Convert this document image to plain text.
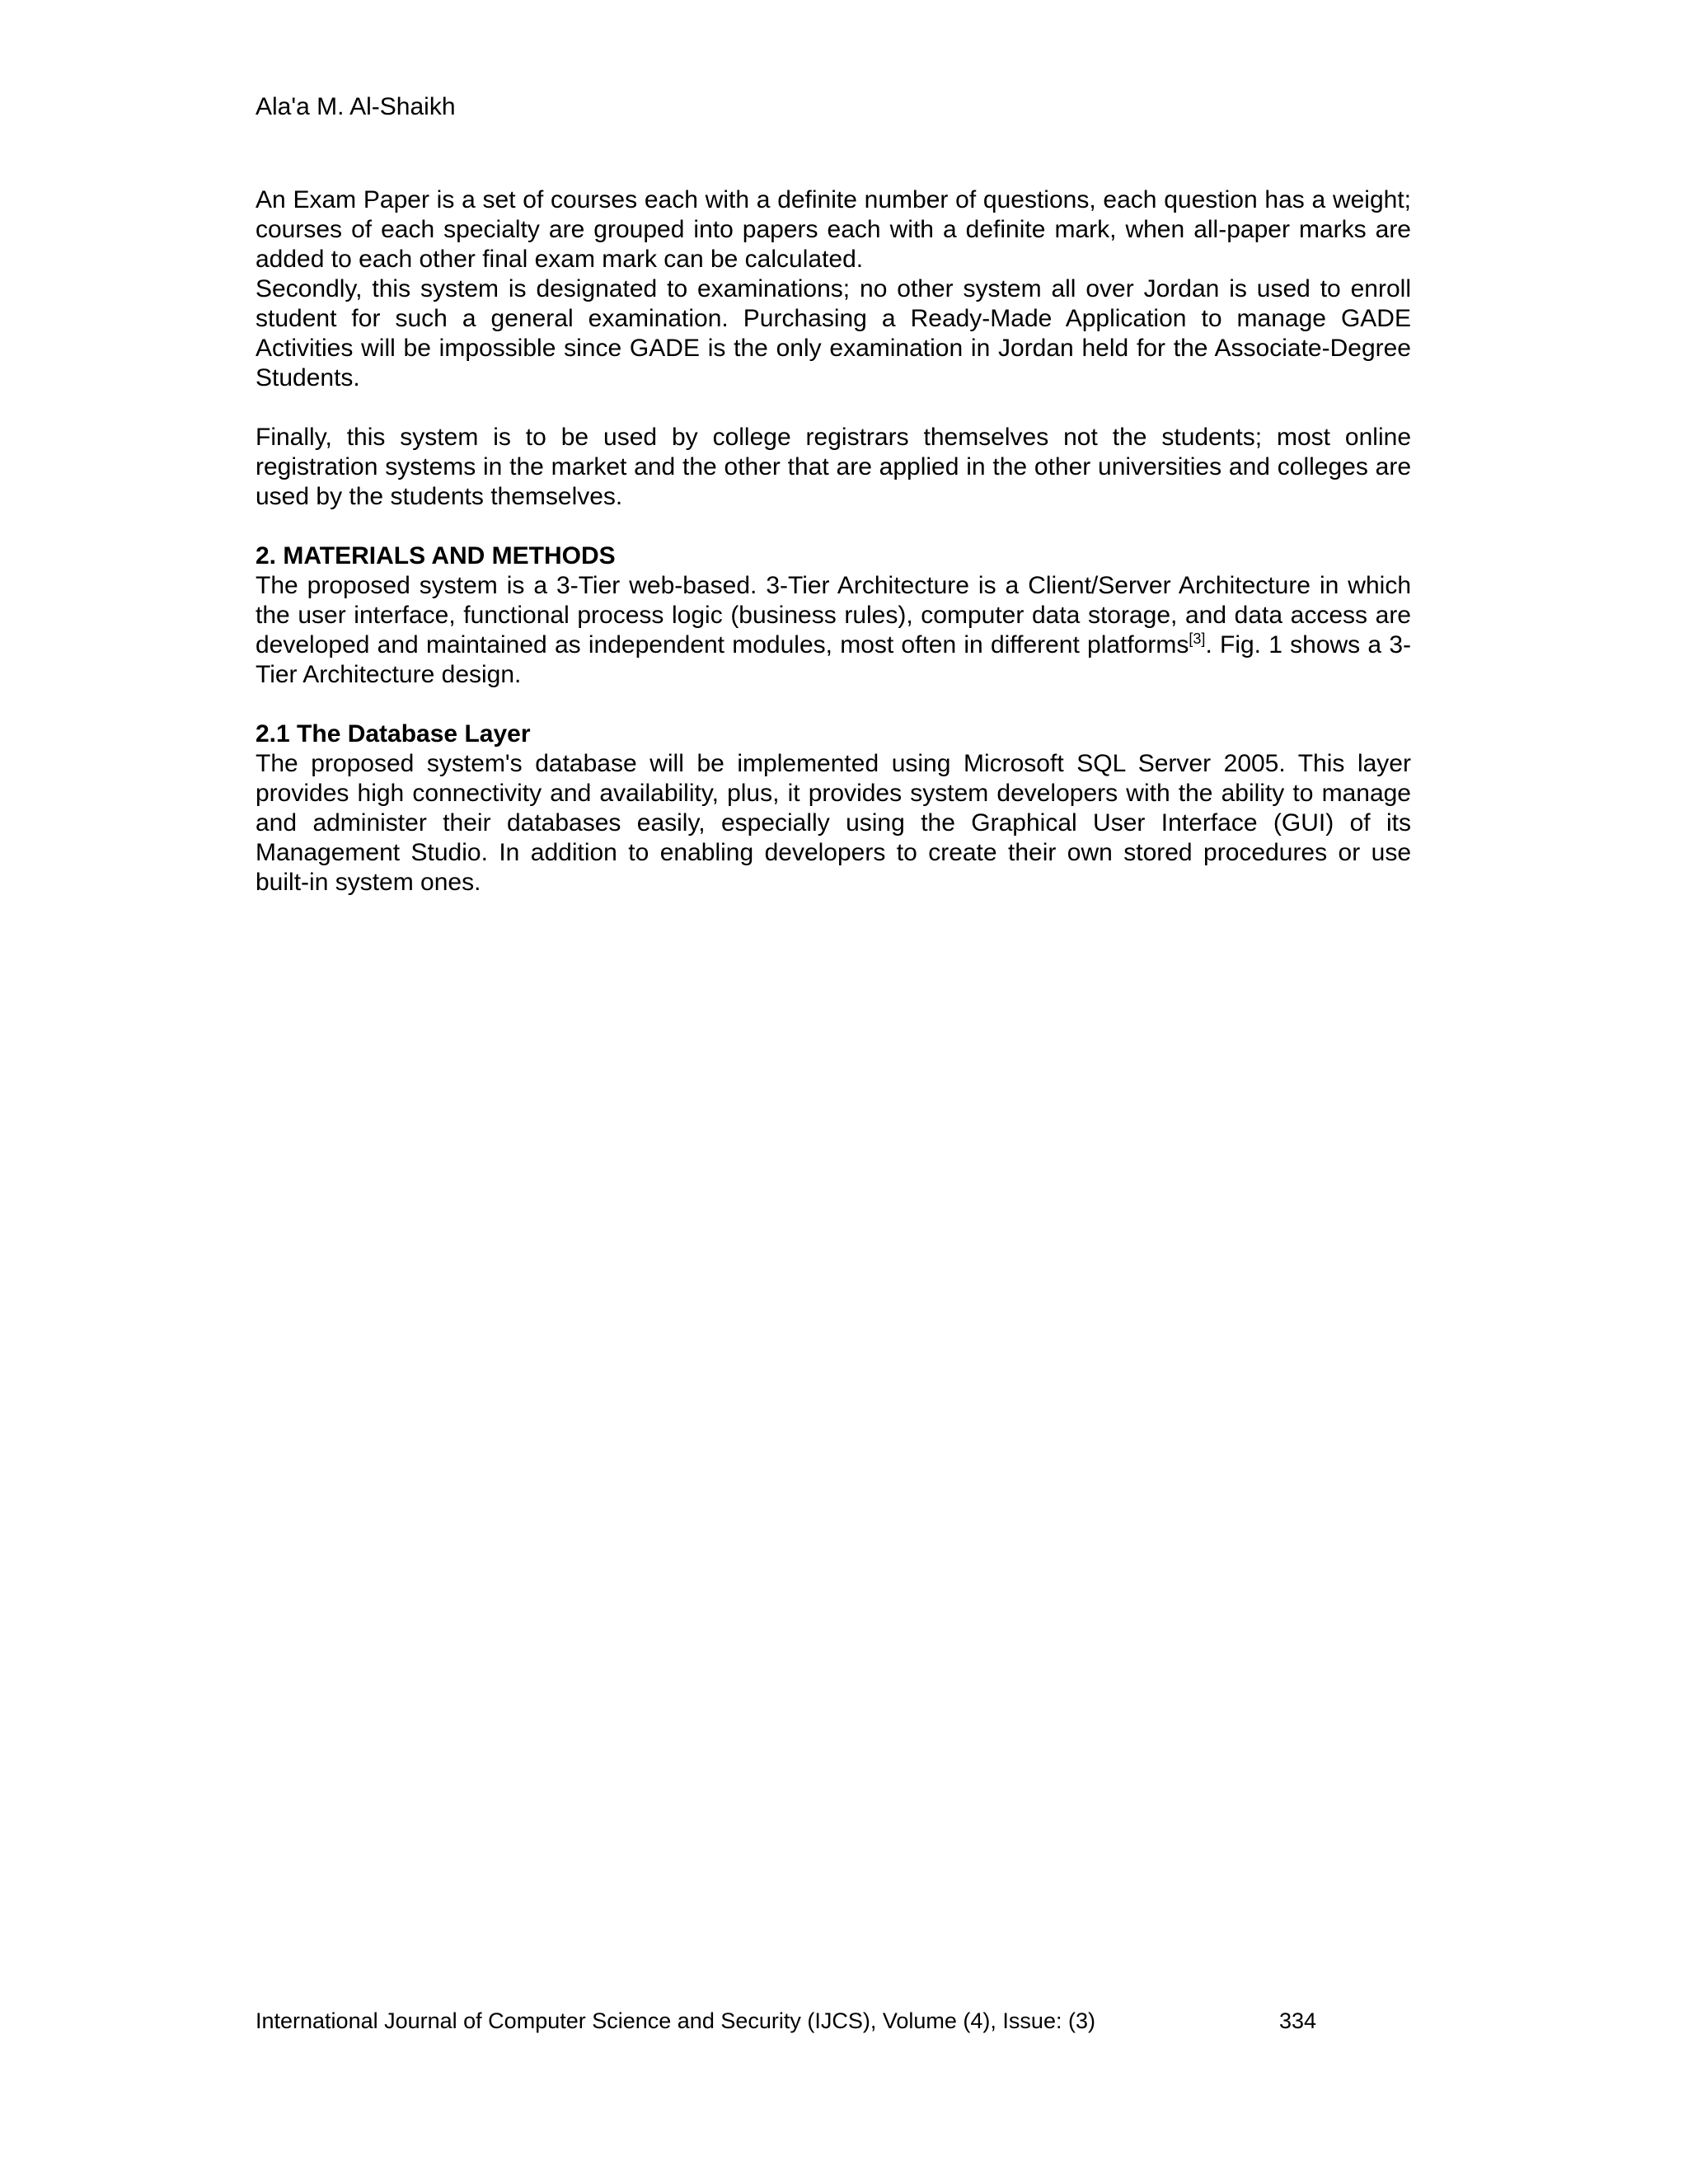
Ala'a M. Al-Shaikh

An Exam Paper is a set of courses each with a definite number of questions, each question has a weight; courses of each specialty are grouped into papers each with a definite mark, when all-paper marks are added to each other final exam mark can be calculated.

Secondly, this system is designated to examinations; no other system all over Jordan is used to enroll student for such a general examination. Purchasing a Ready-Made Application to manage GADE Activities will be impossible since GADE is the only examination in Jordan held for the Associate-Degree Students.

Finally, this system is to be used by college registrars themselves not the students; most online registration systems in the market and the other that are applied in the other universities and colleges are used by the students themselves.

2. MATERIALS AND METHODS

The proposed system is a 3-Tier web-based. 3-Tier Architecture is a Client/Server Architecture in which the user interface, functional process logic (business rules), computer data storage, and data access are developed and maintained as independent modules, most often in different platforms[3]. Fig. 1 shows a 3-Tier Architecture design.

2.1 The Database Layer

The proposed system's database will be implemented using Microsoft SQL Server 2005. This layer provides high connectivity and availability, plus, it provides system developers with the ability to manage and administer their databases easily, especially using the Graphical User Interface (GUI) of its Management Studio. In addition to enabling developers to create their own stored procedures or use built-in system ones.

International Journal of Computer Science and Security (IJCS), Volume (4), Issue: (3)	334
